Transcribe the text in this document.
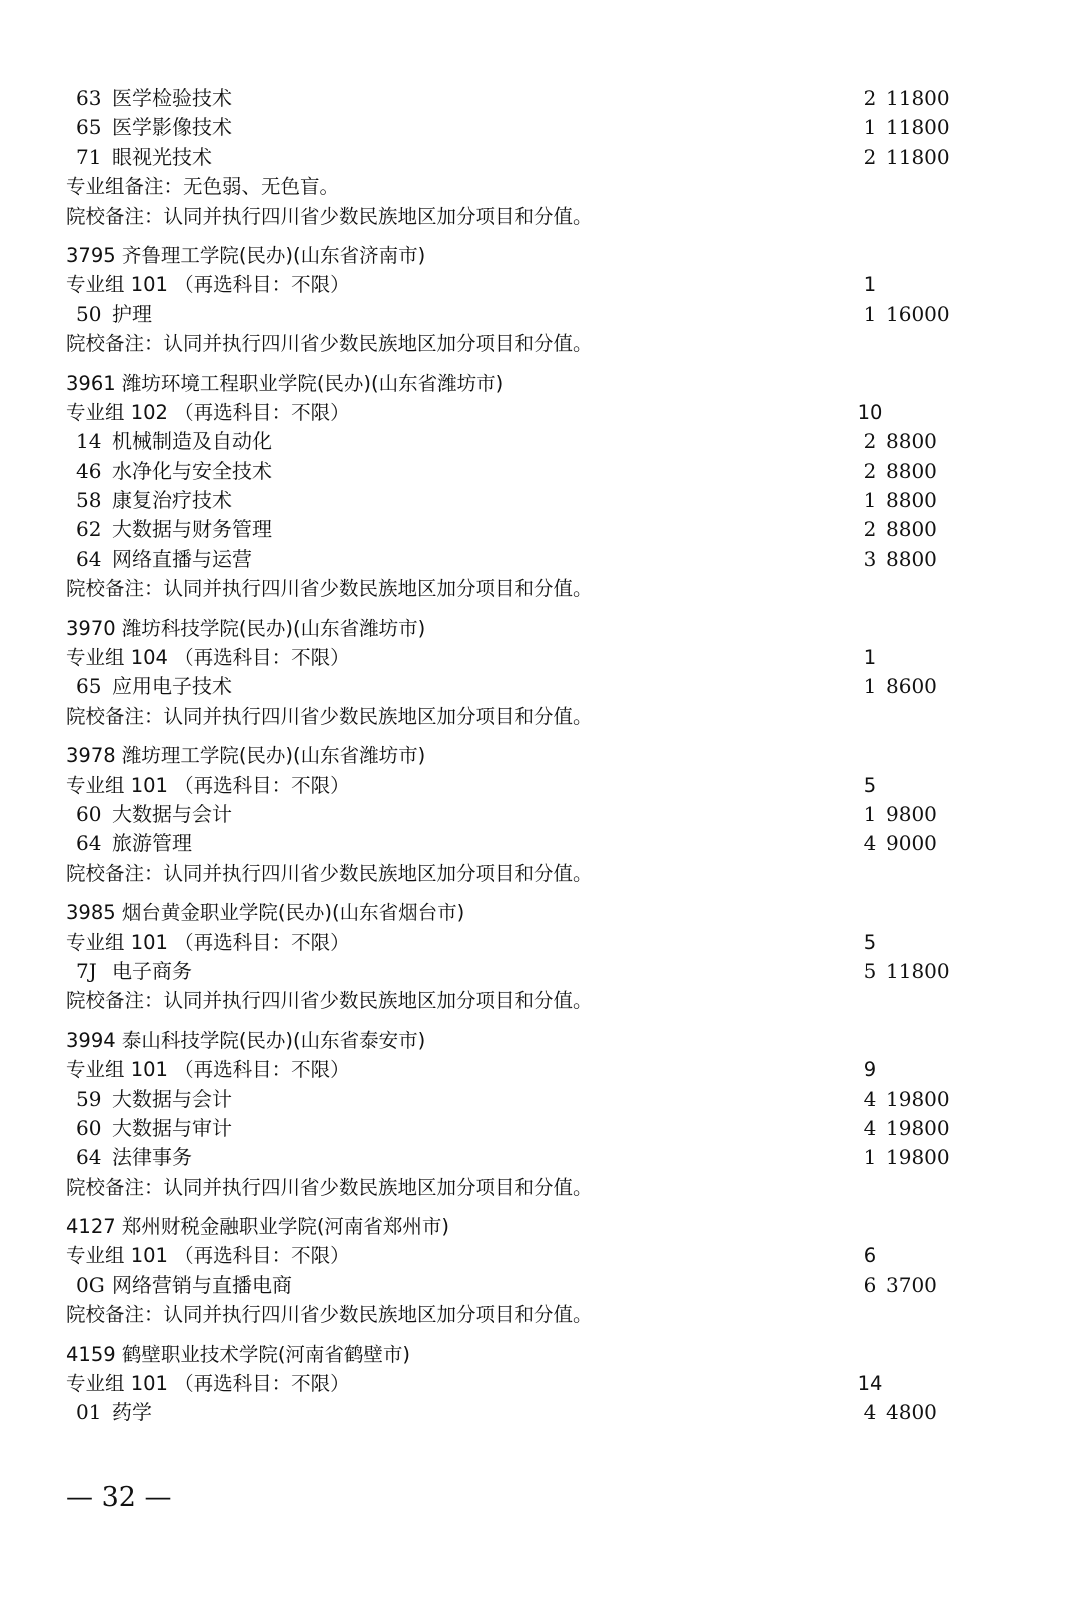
63 医学检验技术	2 11800
65 医学影像技术	1 11800
71 眼视光技术	2 11800
专业组备注：无色弱、无色盲。
院校备注：认同并执行四川省少数民族地区加分项目和分值。
3795 齐鲁理工学院(民办)(山东省济南市)
专业组 101 （再选科目：不限）	1
50 护理	1 16000
院校备注：认同并执行四川省少数民族地区加分项目和分值。
3961 潍坊环境工程职业学院(民办)(山东省潍坊市)
专业组 102 （再选科目：不限）	10
14 机械制造及自动化	2 8800
46 水净化与安全技术	2 8800
58 康复治疗技术	1 8800
62 大数据与财务管理	2 8800
64 网络直播与运营	3 8800
院校备注：认同并执行四川省少数民族地区加分项目和分值。
3970 潍坊科技学院(民办)(山东省潍坊市)
专业组 104 （再选科目：不限）	1
65 应用电子技术	1 8600
院校备注：认同并执行四川省少数民族地区加分项目和分值。
3978 潍坊理工学院(民办)(山东省潍坊市)
专业组 101 （再选科目：不限）	5
60 大数据与会计	1 9800
64 旅游管理	4 9000
院校备注：认同并执行四川省少数民族地区加分项目和分值。
3985 烟台黄金职业学院(民办)(山东省烟台市)
专业组 101 （再选科目：不限）	5
7J 电子商务	5 11800
院校备注：认同并执行四川省少数民族地区加分项目和分值。
3994 泰山科技学院(民办)(山东省泰安市)
专业组 101 （再选科目：不限）	9
59 大数据与会计	4 19800
60 大数据与审计	4 19800
64 法律事务	1 19800
院校备注：认同并执行四川省少数民族地区加分项目和分值。
4127 郑州财税金融职业学院(河南省郑州市)
专业组 101 （再选科目：不限）	6
0G 网络营销与直播电商	6 3700
院校备注：认同并执行四川省少数民族地区加分项目和分值。
4159 鹤壁职业技术学院(河南省鹤壁市)
专业组 101 （再选科目：不限）	14
01 药学	4 4800
— 32 —
